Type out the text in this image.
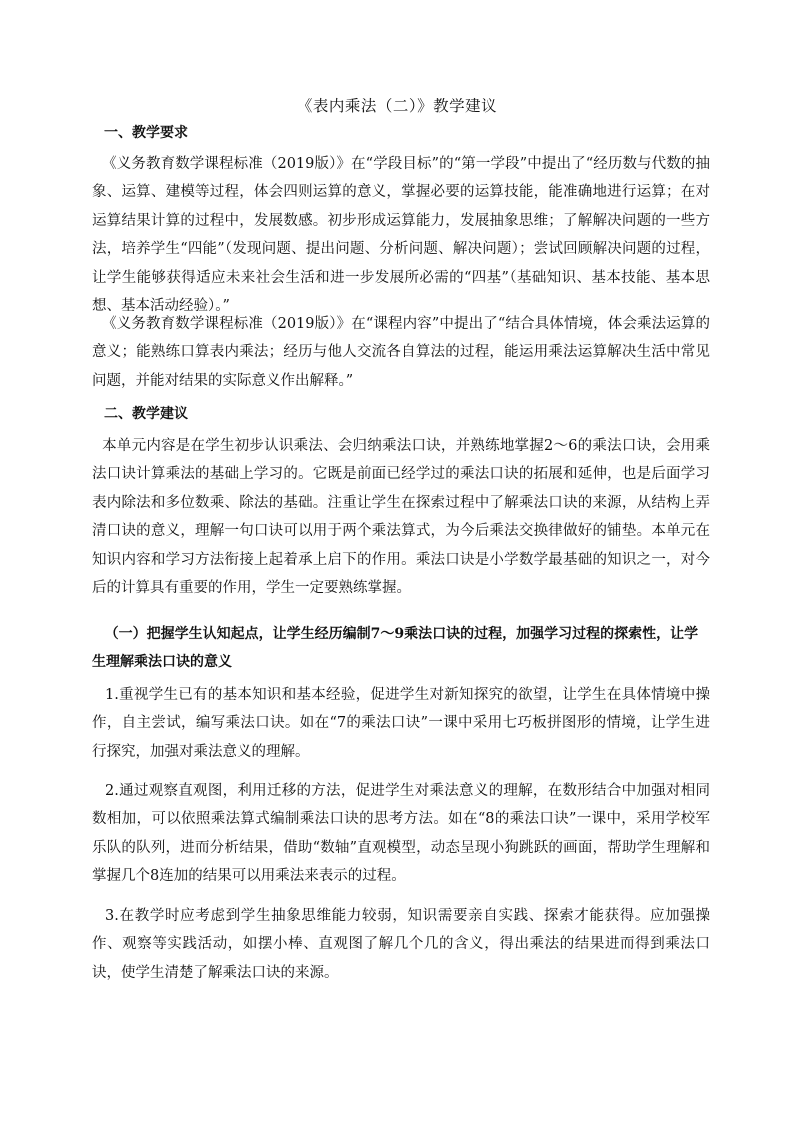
《表内乘法（二）》教学建议
一、教学要求
《义务教育数学课程标准（2019版）》在“学段目标”的“第一学段”中提出了“经历数与代数的抽象、运算、建模等过程，体会四则运算的意义，掌握必要的运算技能，能准确地进行运算；在对运算结果计算的过程中，发展数感。初步形成运算能力，发展抽象思维；了解解决问题的一些方法，培养学生“四能”（发现问题、提出问题、分析问题、解决问题）；尝试回顾解决问题的过程，让学生能够获得适应未来社会生活和进一步发展所必需的“四基”（基础知识、基本技能、基本思想、基本活动经验）。”
《义务教育数学课程标准（2019版）》在“课程内容”中提出了“结合具体情境，体会乘法运算的意义；能熟练口算表内乘法；经历与他人交流各自算法的过程，能运用乘法运算解决生活中常见问题，并能对结果的实际意义作出解释。”
二、教学建议
本单元内容是在学生初步认识乘法、会归纳乘法口诀，并熟练地掌握2～6的乘法口诀，会用乘法口诀计算乘法的基础上学习的。它既是前面已经学过的乘法口诀的拓展和延伸，也是后面学习表内除法和多位数乘、除法的基础。注重让学生在探索过程中了解乘法口诀的来源，从结构上弄清口诀的意义，理解一句口诀可以用于两个乘法算式，为今后乘法交换律做好的铺垫。本单元在知识内容和学习方法衔接上起着承上启下的作用。乘法口诀是小学数学最基础的知识之一，对今后的计算具有重要的作用，学生一定要熟练掌握。
（一）把握学生认知起点，让学生经历编制7～9乘法口诀的过程，加强学习过程的探索性，让学生理解乘法口诀的意义
1.重视学生已有的基本知识和基本经验，促进学生对新知探究的欲望，让学生在具体情境中操作，自主尝试，编写乘法口诀。如在“7的乘法口诀”一课中采用七巧板拼图形的情境，让学生进行探究，加强对乘法意义的理解。
2.通过观察直观图，利用迁移的方法，促进学生对乘法意义的理解，在数形结合中加强对相同数相加，可以依照乘法算式编制乘法口诀的思考方法。如在“8的乘法口诀”一课中，采用学校军乐队的队列，进而分析结果，借助“数轴”直观模型，动态呈现小狗跳跃的画面，帮助学生理解和掌握几个8连加的结果可以用乘法来表示的过程。
3.在教学时应考虑到学生抽象思维能力较弱，知识需要亲自实践、探索才能获得。应加强操作、观察等实践活动，如摆小棒、直观图了解几个几的含义，得出乘法的结果进而得到乘法口诀，使学生清楚了解乘法口诀的来源。
